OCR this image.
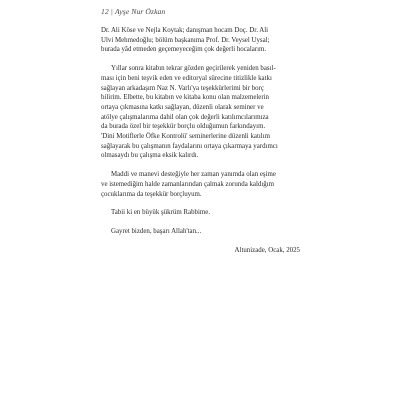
12 | Ayşe Nur Özkan

Dr. Ali Köse ve Nejla Koytak; danışman hocam Doç. Dr. Ali

Ulvi Mehmedoğlu; bölüm başkanıma Prof. Dr. Veysel Uysal;

burada yâd etmeden geçemeyeceğim çok değerli hocalarım.

Yıllar sonra kitabın tekrar gözden geçirilerek yeniden basıl-

ması için beni teşvik eden ve editoryal sürecine titizlikle katkı

sağlayan arkadaşım Naz N. Varlı'ya teşekkürlerimi bir borç

bilirim. Elbette, bu kitabın ve kitaba konu olan malzemelerin

ortaya çıkmasına katkı sağlayan, düzenli olarak seminer ve

atölye çalışmalarıma dahil olan çok değerli katılımcılarımıza

da burada özel bir teşekkür borçlu olduğumun farkındayım.

'Dini Motiflerle Öfke Kontrolü' seminerlerine düzenli katılım

sağlayarak bu çalışmanın faydalarını ortaya çıkarmaya yardımcı

olmasaydı bu çalışma eksik kalırdı.

Maddi ve manevi desteğiyle her zaman yanımda olan eşime

ve istemediğim halde zamanlarından çalmak zorunda kaldığım

çocuklarıma da teşekkür borçluyum.

Tabii ki en büyük şükrüm Rabbime.

Gayret bizden, başarı Allah'tan...

Altunizade, Ocak, 2025
